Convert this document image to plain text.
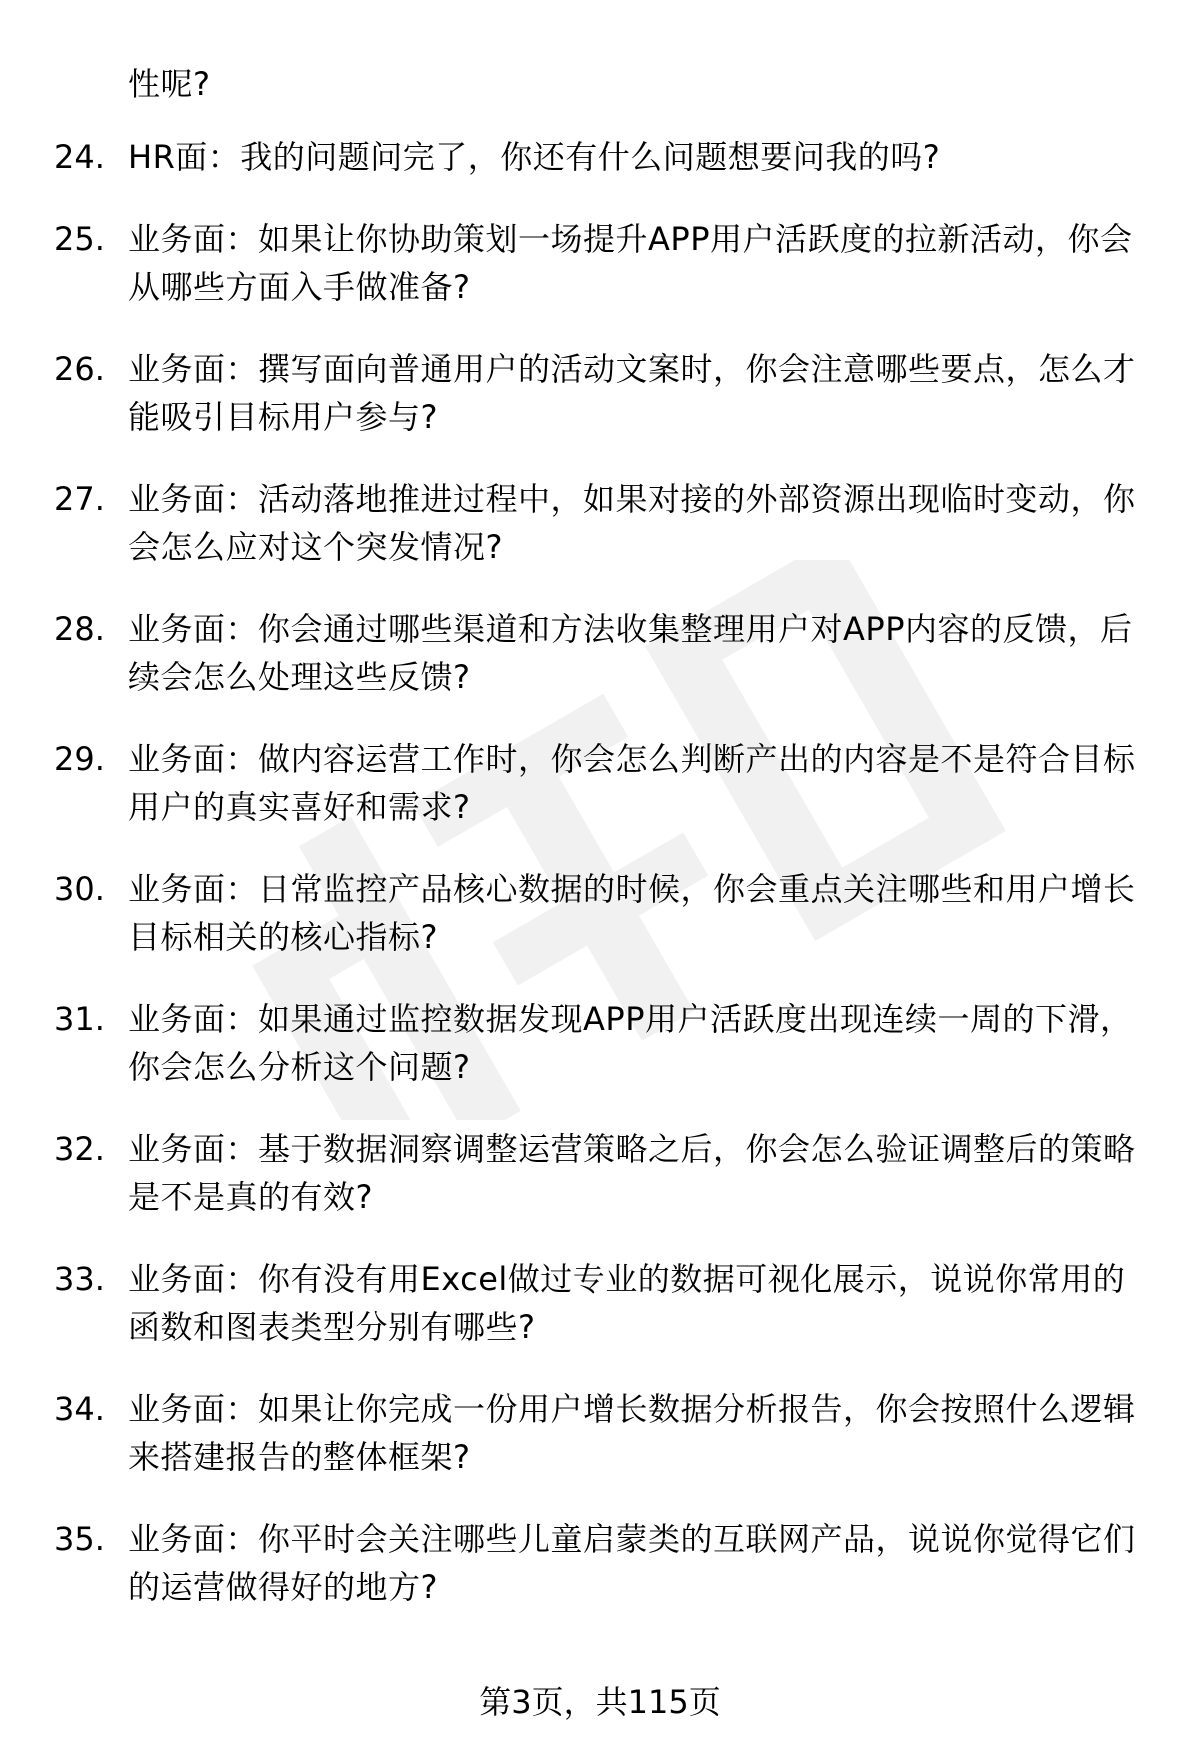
性呢?
24. HR面：我的问题问完了，你还有什么问题想要问我的吗?
25. 业务面：如果让你协助策划一场提升APP用户活跃度的拉新活动，你会从哪些方面入手做准备?
26. 业务面：撰写面向普通用户的活动文案时，你会注意哪些要点，怎么才能吸引目标用户参与?
27. 业务面：活动落地推进过程中，如果对接的外部资源出现临时变动，你会怎么应对这个突发情况?
28. 业务面：你会通过哪些渠道和方法收集整理用户对APP内容的反馈，后续会怎么处理这些反馈?
29. 业务面：做内容运营工作时，你会怎么判断产出的内容是不是符合目标用户的真实喜好和需求?
30. 业务面：日常监控产品核心数据的时候，你会重点关注哪些和用户增长目标相关的核心指标?
31. 业务面：如果通过监控数据发现APP用户活跃度出现连续一周的下滑，你会怎么分析这个问题?
32. 业务面：基于数据洞察调整运营策略之后，你会怎么验证调整后的策略是不是真的有效?
33. 业务面：你有没有用Excel做过专业的数据可视化展示，说说你常用的函数和图表类型分别有哪些?
34. 业务面：如果让你完成一份用户增长数据分析报告，你会按照什么逻辑来搭建报告的整体框架?
35. 业务面：你平时会关注哪些儿童启蒙类的互联网产品，说说你觉得它们的运营做得好的地方?
第3页，共115页
